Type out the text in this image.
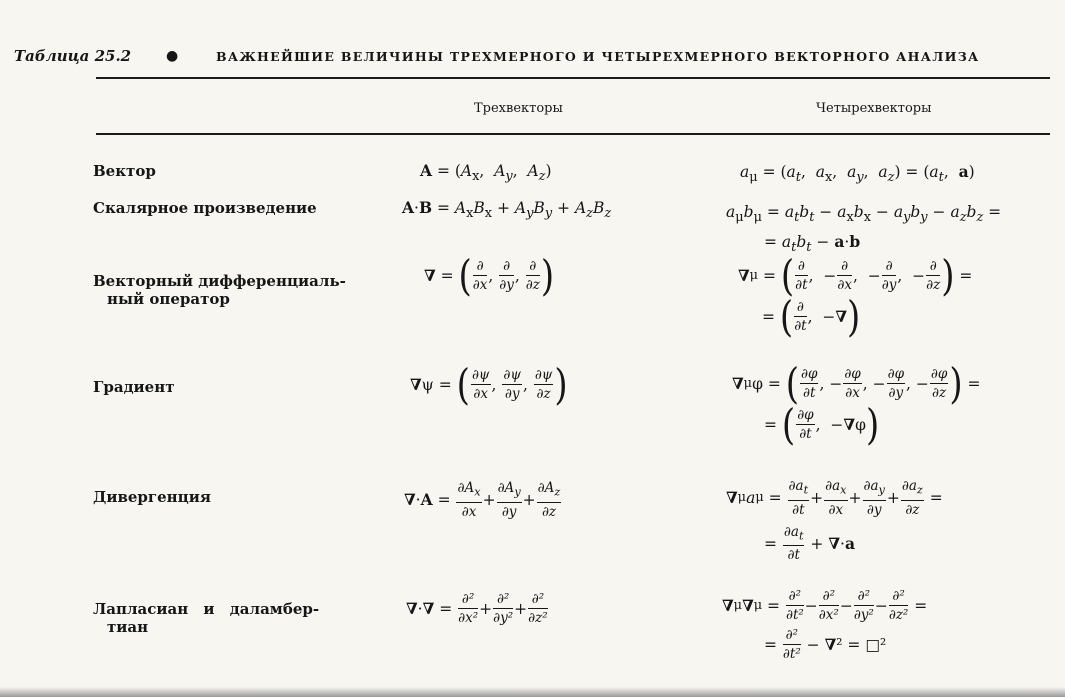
Таблица 25.2 ●	ВАЖНЕЙШИЕ ВЕЛИЧИНЫ ТРЕХМЕРНОГО И ЧЕТЫРЕХМЕРНОГО ВЕКТОРНОГО АНАЛИЗА
Трехвекторы	Четырехвекторы
Вектор
Скалярное произведение
Векторный дифференциаль-
ный оператор
Градиент
Дивергенция
Лапласиан и даламбер-
тиан
$A = (A_x$,  $A_y$,  $A_z$)
$A\cdot B = A_xB_x + A_yB_y + A_zB_z$
∇ = ( $\frac{\partial}{\partial x}$ , $\frac{\partial}{\partial y}$ , $\frac{\partial}{\partial z}$ )
∇ ψ = ( $\frac{\partial\psi}{\partial x}$ , $\frac{\partial\psi}{\partial y}$ , $\frac{\partial\psi}{\partial z}$ )
∇ · $A = \frac{\partial A_x}{\partial x} + \frac{\partial A_y}{\partial y} + \frac{\partial A_z}{\partial z}$
∇ · ∇ = $\frac{\text{∂²}}{\text{∂x²}} + \frac{\text{∂²}}{\text{∂y²}} + \frac{\text{∂²}}{\text{∂z²}}$
$a_\mu = (a_t$,  $a_x$,  $a_y$,  $a_z) = (a_t$,  a)
$a_\mu b_\mu = a_tb_t - a_xb_x - a_yb_y - a_zb_z$ =
= $a_tb_t - a\cdot b$
∇ μ = ( $\frac{\partial}{\partial t}$ ,  − $\frac{\partial}{\partial x}$ ,  − $\frac{\partial}{\partial y}$ ,  − $\frac{\partial}{\partial z}$ ) =
= ( $\frac{\partial}{\partial t}$ ,  − ∇ )
∇ μ φ = ( $\frac{\partial\varphi}{\partial t}$ , − $\frac{\partial\varphi}{\partial x}$ , − $\frac{\partial\varphi}{\partial y}$ , − $\frac{\partial\varphi}{\partial z}$ ) =
= ( $\frac{\partial\varphi}{\partial t}$ ,  − ∇ φ )
∇ μ a $\mu = \frac{\partial a_t}{\partial t} + \frac{\partial a_x}{\partial x} + \frac{\partial a_y}{\partial y} + \frac{\partial a_z}{\partial z}$ =
= $\frac{\partial a_t}{\partial t}$ + ∇ · a
∇ μ ∇ $\mu = \frac{\text{∂²}}{\text{∂t²}} - \frac{\text{∂²}}{\text{∂x²}} - \frac{\text{∂²}}{\text{∂y²}} - \frac{\text{∂²}}{\text{∂z²}}$ =
= $\frac{\text{∂²}}{\text{∂t²}}$ − ∇ ² = □²
